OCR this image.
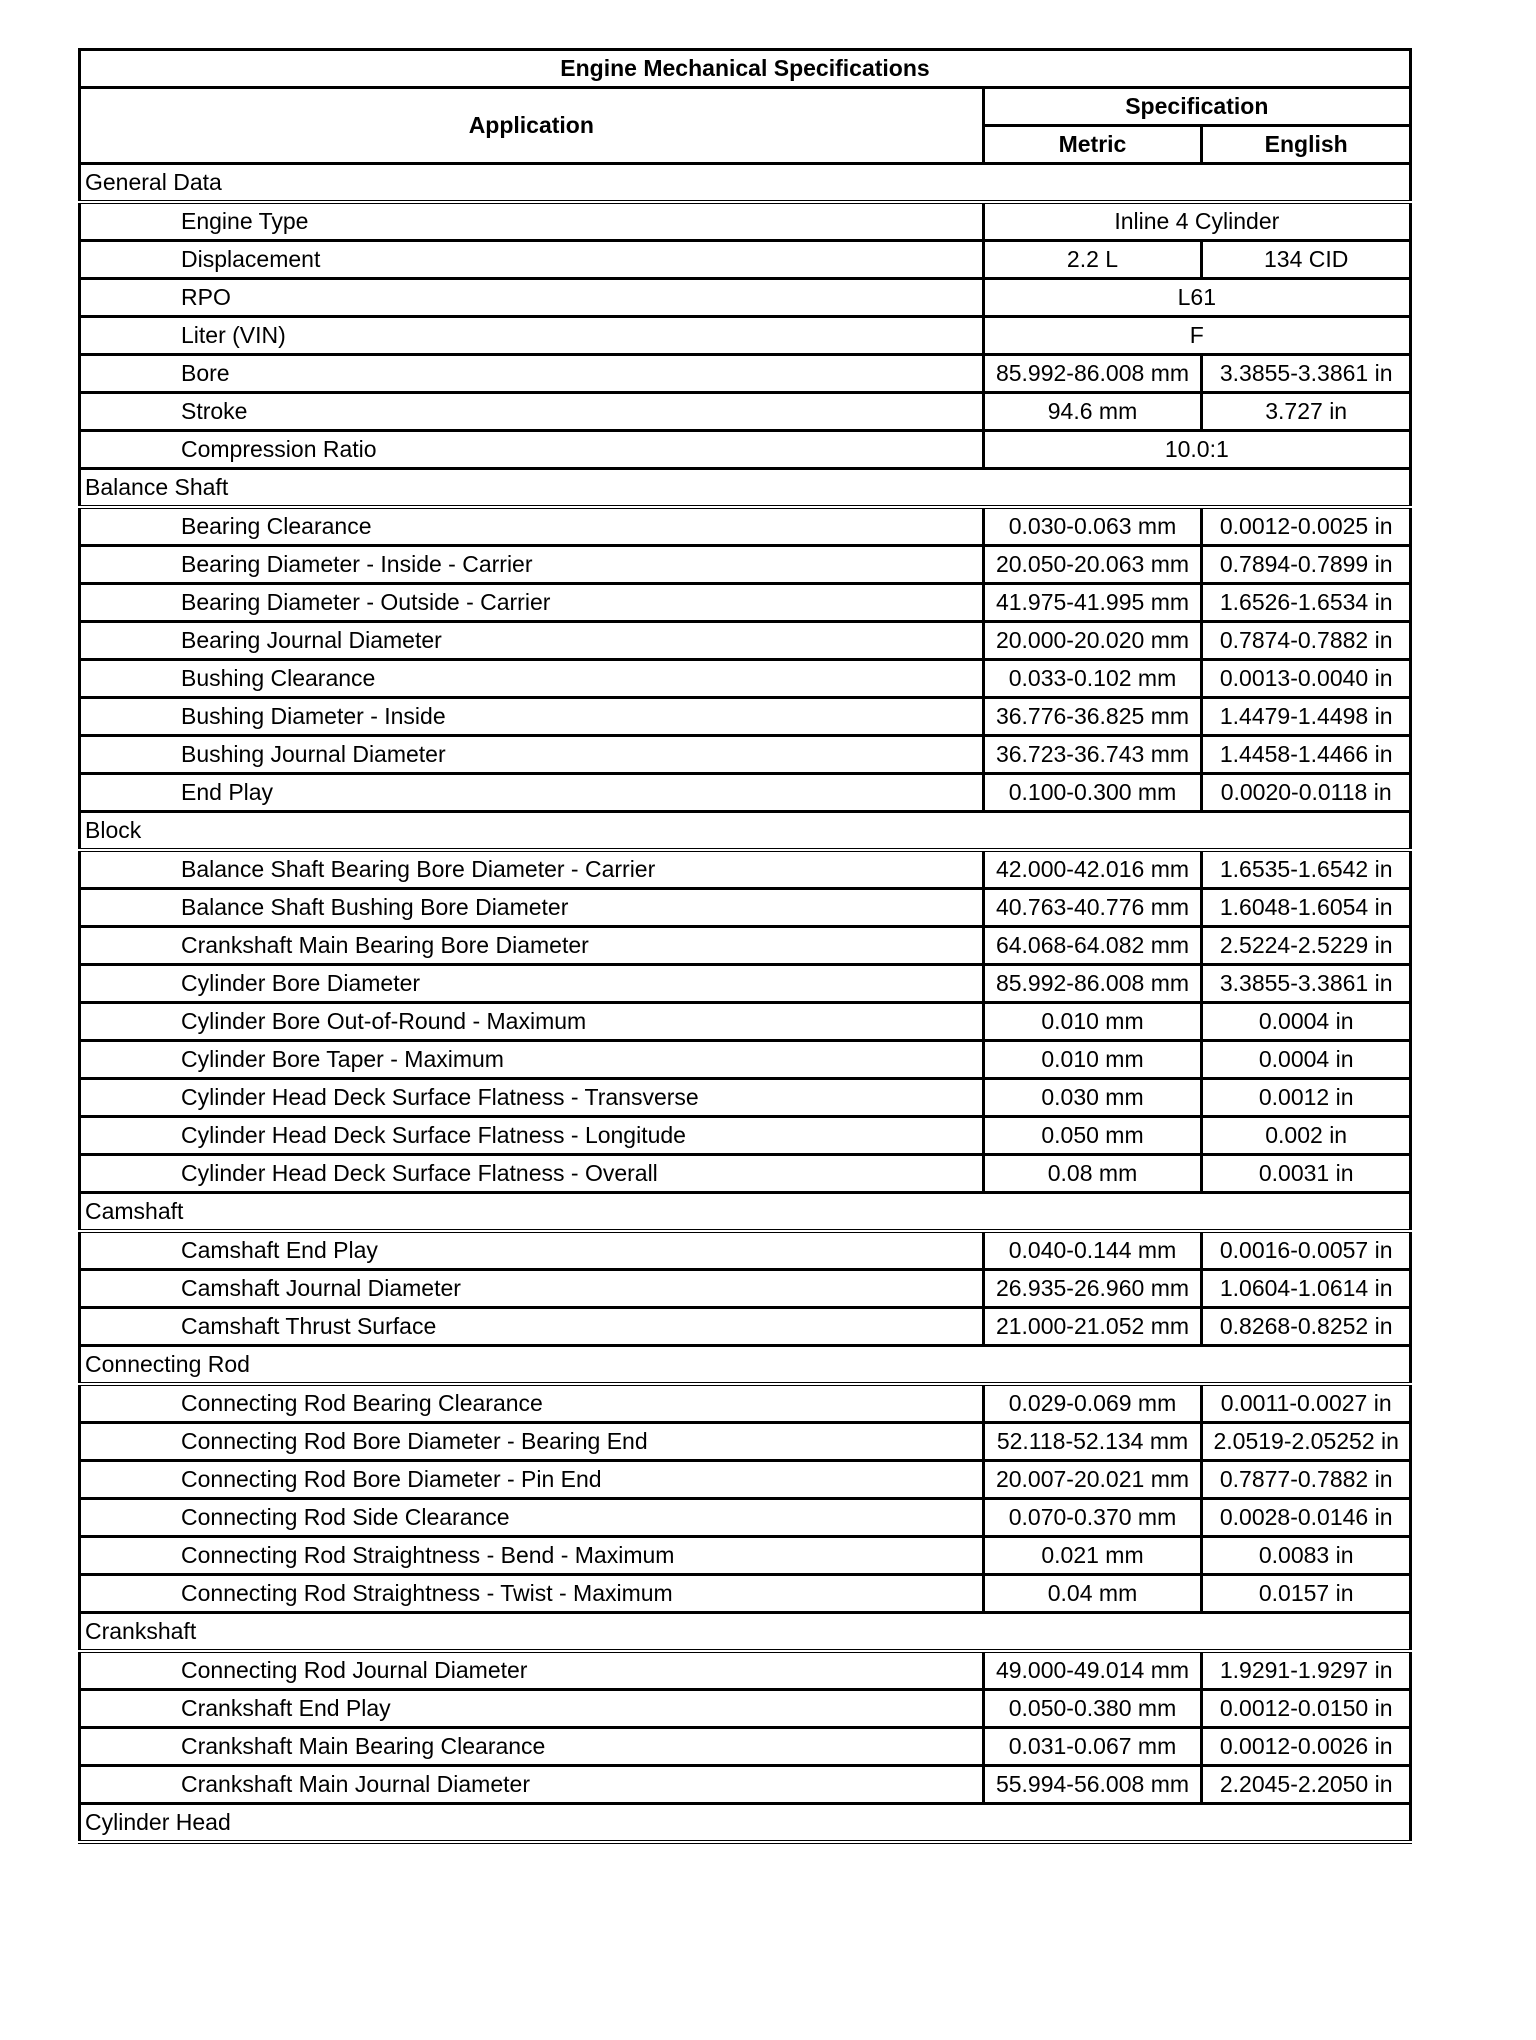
Engine Mechanical Specifications		
Application	Specification	
	Metric	English
General Data		
Engine Type	Inline 4 Cylinder	
Displacement	2.2 L	134 CID
RPO	L61	
Liter (VIN)	F	
Bore	85.992-86.008 mm	3.3855-3.3861 in
Stroke	94.6 mm	3.727 in
Compression Ratio	10.0:1	
Balance Shaft		
Bearing Clearance	0.030-0.063 mm	0.0012-0.0025 in
Bearing Diameter - Inside - Carrier	20.050-20.063 mm	0.7894-0.7899 in
Bearing Diameter - Outside - Carrier	41.975-41.995 mm	1.6526-1.6534 in
Bearing Journal Diameter	20.000-20.020 mm	0.7874-0.7882 in
Bushing Clearance	0.033-0.102 mm	0.0013-0.0040 in
Bushing Diameter - Inside	36.776-36.825 mm	1.4479-1.4498 in
Bushing Journal Diameter	36.723-36.743 mm	1.4458-1.4466 in
End Play	0.100-0.300 mm	0.0020-0.0118 in
Block		
Balance Shaft Bearing Bore Diameter - Carrier	42.000-42.016 mm	1.6535-1.6542 in
Balance Shaft Bushing Bore Diameter	40.763-40.776 mm	1.6048-1.6054 in
Crankshaft Main Bearing Bore Diameter	64.068-64.082 mm	2.5224-2.5229 in
Cylinder Bore Diameter	85.992-86.008 mm	3.3855-3.3861 in
Cylinder Bore Out-of-Round - Maximum	0.010 mm	0.0004 in
Cylinder Bore Taper - Maximum	0.010 mm	0.0004 in
Cylinder Head Deck Surface Flatness - Transverse	0.030 mm	0.0012 in
Cylinder Head Deck Surface Flatness - Longitude	0.050 mm	0.002 in
Cylinder Head Deck Surface Flatness - Overall	0.08 mm	0.0031 in
Camshaft		
Camshaft End Play	0.040-0.144 mm	0.0016-0.0057 in
Camshaft Journal Diameter	26.935-26.960 mm	1.0604-1.0614 in
Camshaft Thrust Surface	21.000-21.052 mm	0.8268-0.8252 in
Connecting Rod		
Connecting Rod Bearing Clearance	0.029-0.069 mm	0.0011-0.0027 in
Connecting Rod Bore Diameter - Bearing End	52.118-52.134 mm	2.0519-2.05252 in
Connecting Rod Bore Diameter - Pin End	20.007-20.021 mm	0.7877-0.7882 in
Connecting Rod Side Clearance	0.070-0.370 mm	0.0028-0.0146 in
Connecting Rod Straightness - Bend - Maximum	0.021 mm	0.0083 in
Connecting Rod Straightness - Twist - Maximum	0.04 mm	0.0157 in
Crankshaft		
Connecting Rod Journal Diameter	49.000-49.014 mm	1.9291-1.9297 in
Crankshaft End Play	0.050-0.380 mm	0.0012-0.0150 in
Crankshaft Main Bearing Clearance	0.031-0.067 mm	0.0012-0.0026 in
Crankshaft Main Journal Diameter	55.994-56.008 mm	2.2045-2.2050 in
Cylinder Head		
